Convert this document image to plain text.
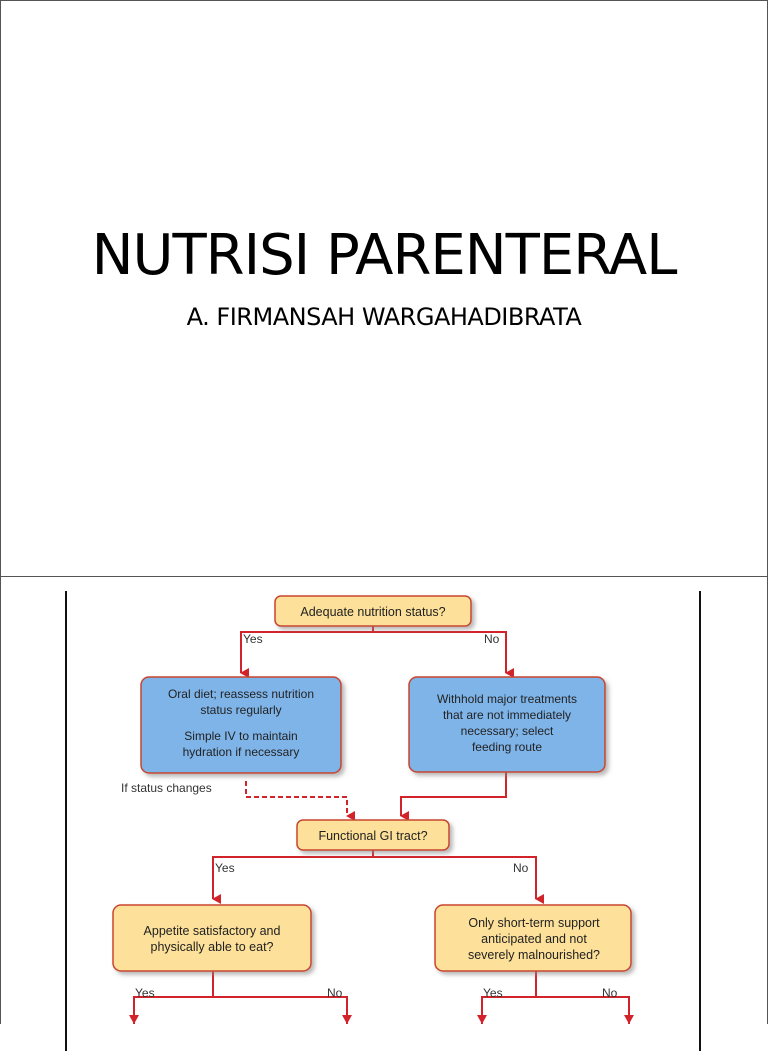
NUTRISI PARENTERAL
A. FIRMANSAH WARGAHADIBRATA
Adequate nutrition status?
Yes	No
Oral diet; reassess nutrition
status regularly
Simple IV to maintain
hydration if necessary
Withhold major treatments
that are not immediately
necessary; select
feeding route
If status changes
Functional GI tract?
Yes	No
Appetite satisfactory and
physically able to eat?
Only short-term support
anticipated and not
severely malnourished?
Yes	No	Yes	No
